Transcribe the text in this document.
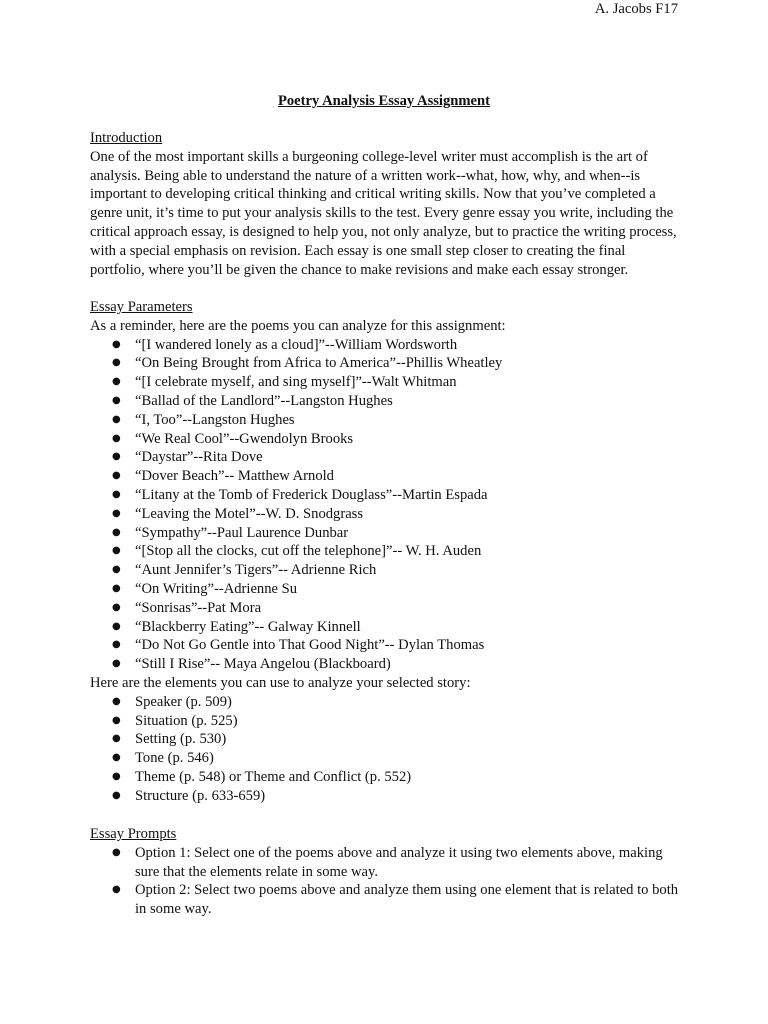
A. Jacobs F17
Poetry Analysis Essay Assignment
Introduction

One of the most important skills a burgeoning college-level writer must accomplish is the art of analysis. Being able to understand the nature of a written work--what, how, why, and when--is important to developing critical thinking and critical writing skills. Now that you’ve completed a genre unit, it’s time to put your analysis skills to the test. Every genre essay you write, including the critical approach essay, is designed to help you, not only analyze, but to practice the writing process, with a special emphasis on revision. Each essay is one small step closer to creating the final portfolio, where you’ll be given the chance to make revisions and make each essay stronger.

Essay Parameters

As a reminder, here are the poems you can analyze for this assignment:

● “[I wandered lonely as a cloud]”--William Wordsworth
● “On Being Brought from Africa to America”--Phillis Wheatley
● “[I celebrate myself, and sing myself]”--Walt Whitman
● “Ballad of the Landlord”--Langston Hughes
● “I, Too”--Langston Hughes
● “We Real Cool”--Gwendolyn Brooks
● “Daystar”--Rita Dove
● “Dover Beach”-- Matthew Arnold
● “Litany at the Tomb of Frederick Douglass”--Martin Espada
● “Leaving the Motel”--W. D. Snodgrass
● “Sympathy”--Paul Laurence Dunbar
● “[Stop all the clocks, cut off the telephone]”-- W. H. Auden
● “Aunt Jennifer’s Tigers”-- Adrienne Rich
● “On Writing”--Adrienne Su
● “Sonrisas”--Pat Mora
● “Blackberry Eating”-- Galway Kinnell
● “Do Not Go Gentle into That Good Night”-- Dylan Thomas
● “Still I Rise”-- Maya Angelou (Blackboard)

Here are the elements you can use to analyze your selected story:

● Speaker (p. 509)
● Situation (p. 525)
● Setting (p. 530)
● Tone (p. 546)
● Theme (p. 548) or Theme and Conflict (p. 552)
● Structure (p. 633-659)
Essay Prompts
● Option 1: Select one of the poems above and analyze it using two elements above, making sure that the elements relate in some way.
● Option 2: Select two poems above and analyze them using one element that is related to both in some way.
